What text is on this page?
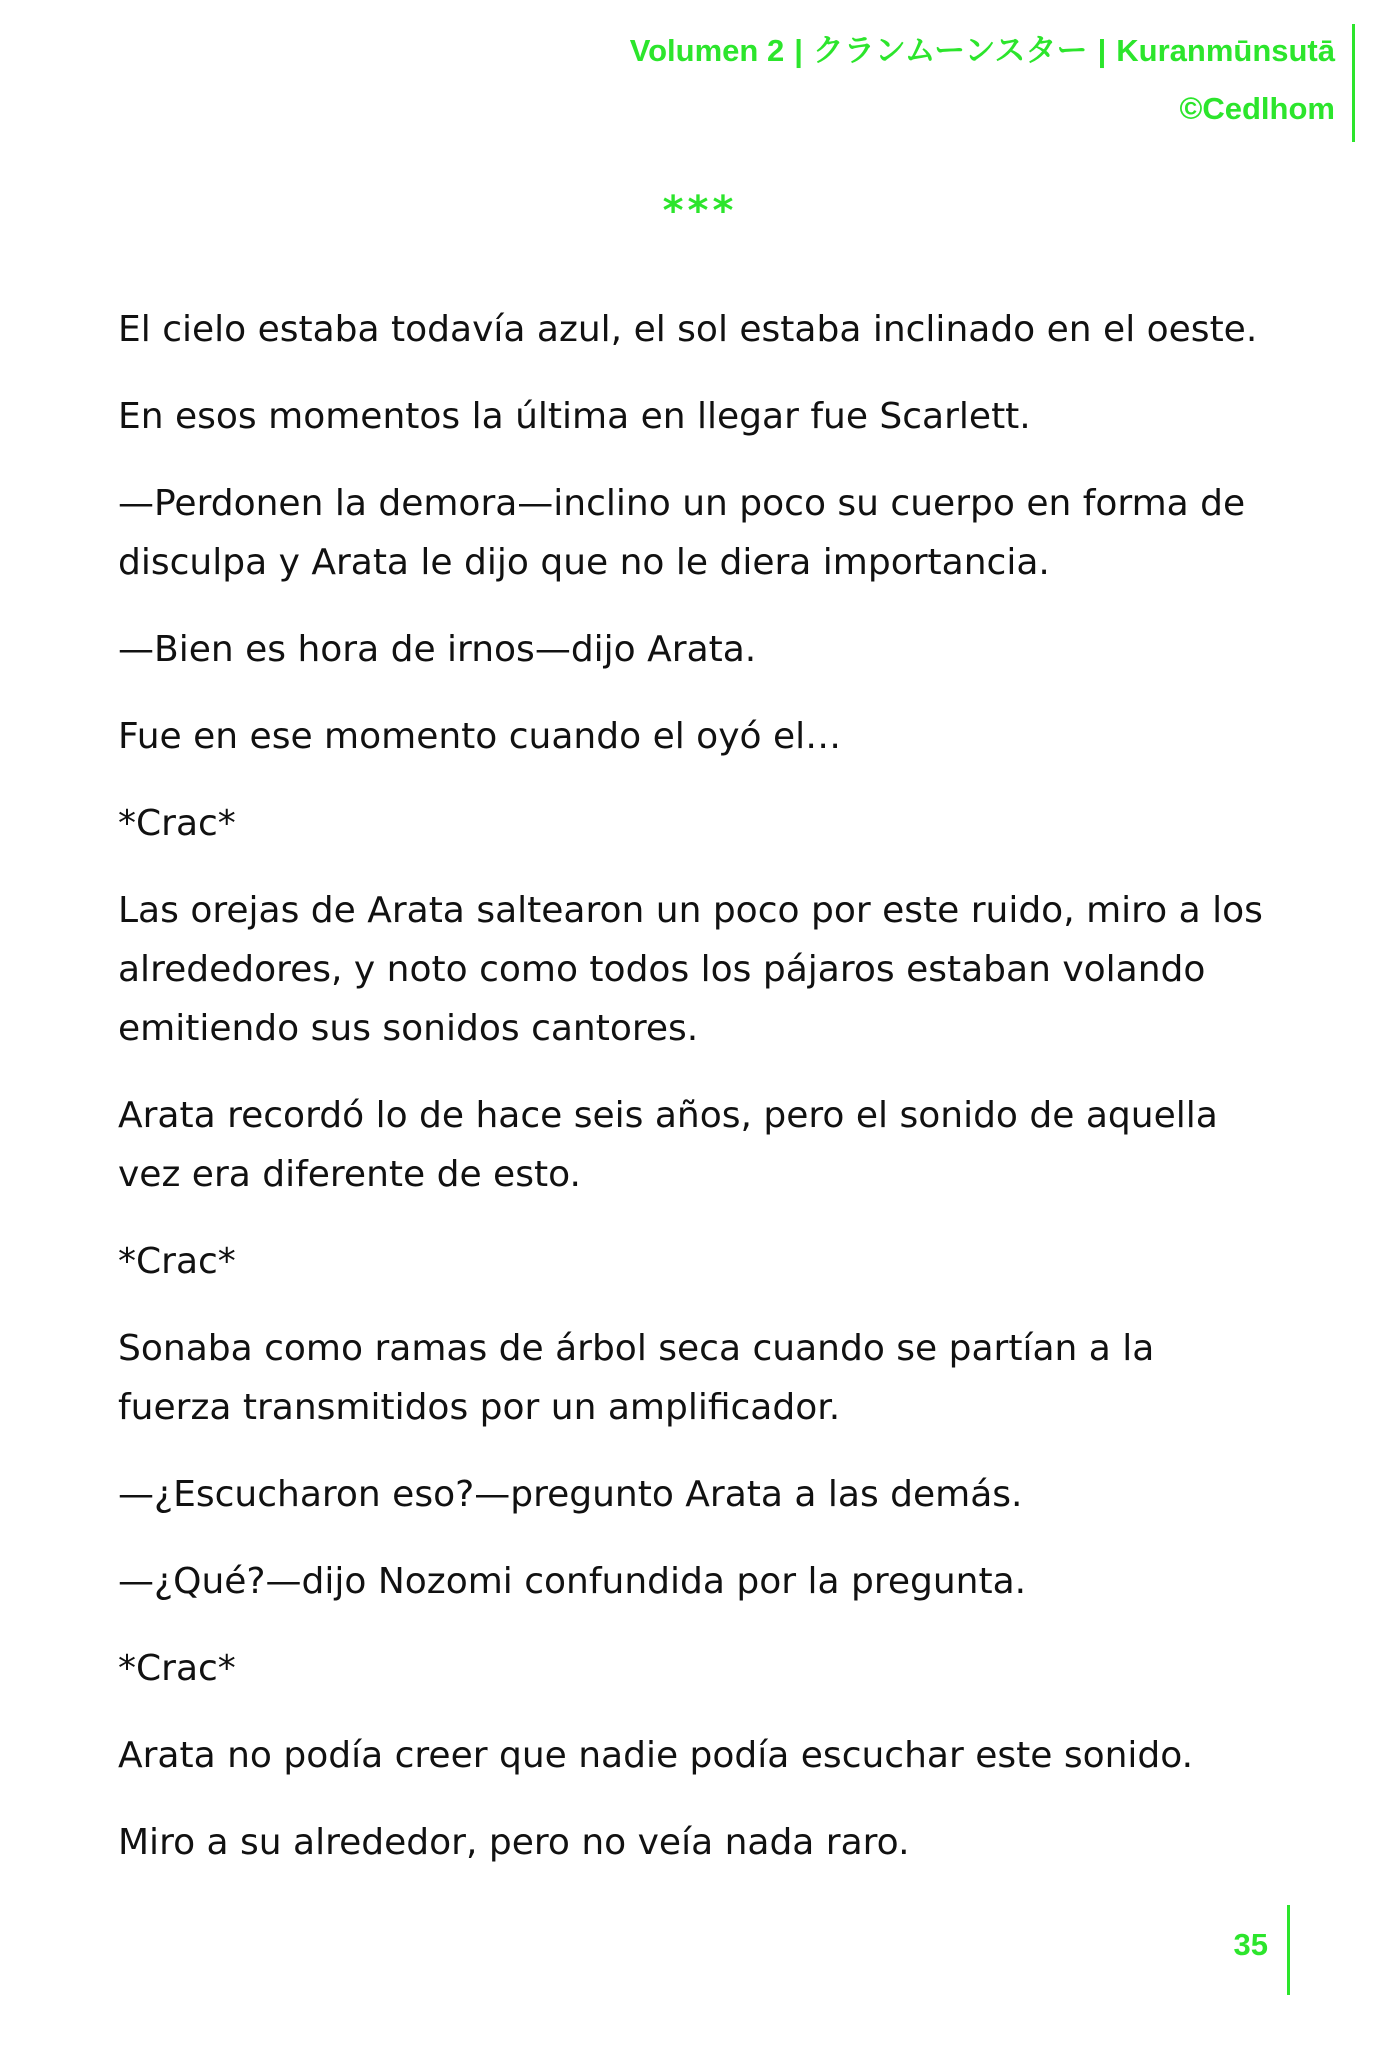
Volumen 2 | クランムーンスター | Kuranmūnsutā
©Cedlhom
***

El cielo estaba todavía azul, el sol estaba inclinado en el oeste.

En esos momentos la última en llegar fue Scarlett.

—Perdonen la demora—inclino un poco su cuerpo en forma de disculpa y Arata le dijo que no le diera importancia.

—Bien es hora de irnos—dijo Arata.

Fue en ese momento cuando el oyó el…

*Crac*

Las orejas de Arata saltearon un poco por este ruido, miro a los alrededores, y noto como todos los pájaros estaban volando emitiendo sus sonidos cantores.

Arata recordó lo de hace seis años, pero el sonido de aquella vez era diferente de esto.

*Crac*

Sonaba como ramas de árbol seca cuando se partían a la fuerza transmitidos por un amplificador.

—¿Escucharon eso?—pregunto Arata a las demás.

—¿Qué?—dijo Nozomi confundida por la pregunta.

*Crac*

Arata no podía creer que nadie podía escuchar este sonido.

Miro a su alrededor, pero no veía nada raro.

35
